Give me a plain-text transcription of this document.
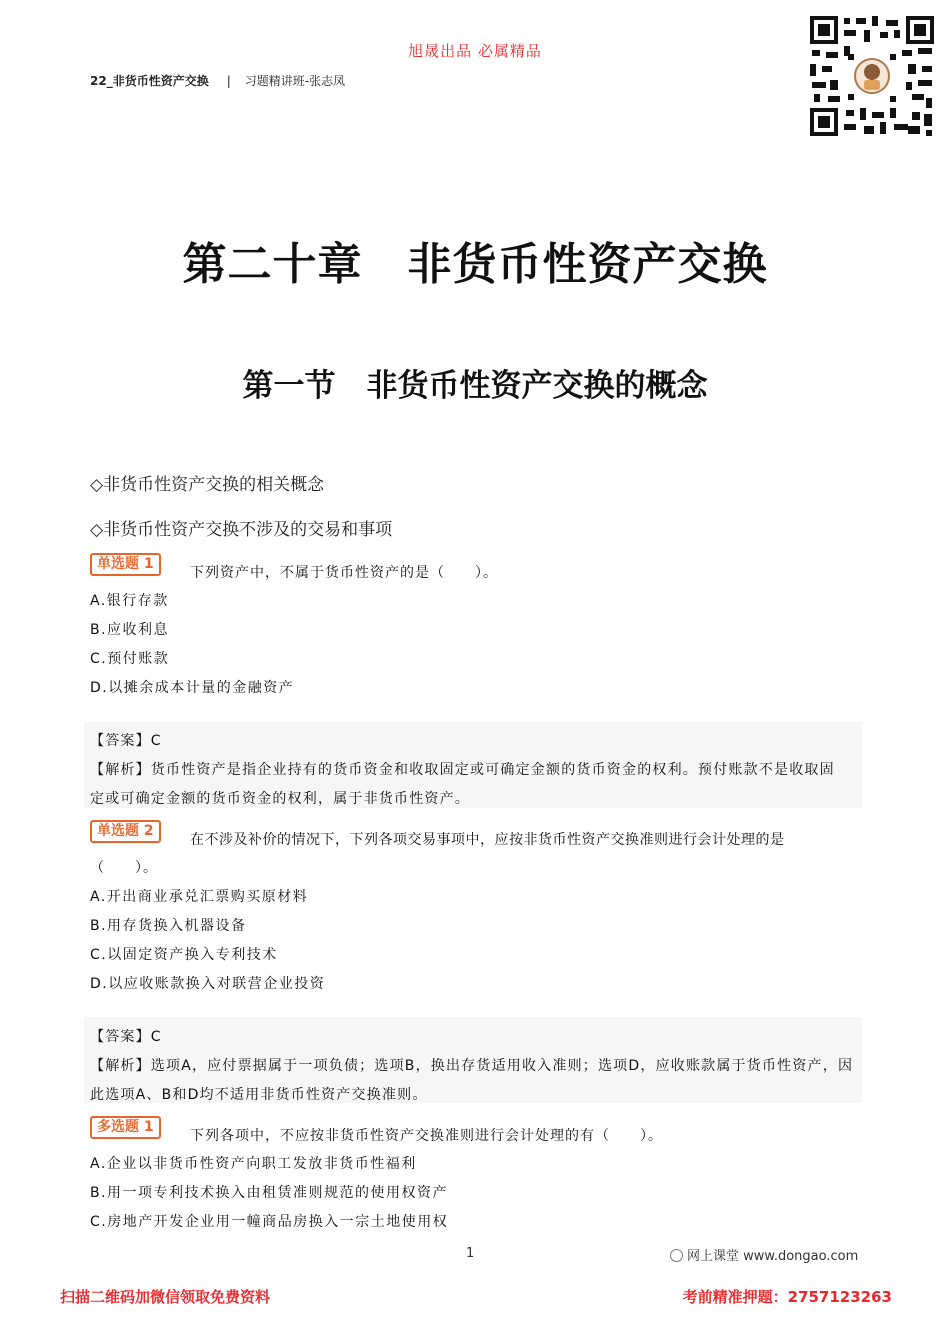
旭晟出品 必属精品
22_非货币性资产交换 | 习题精讲班-张志凤
第二十章　非货币性资产交换
第一节　非货币性资产交换的概念
◇非货币性资产交换的相关概念
◇非货币性资产交换不涉及的交易和事项
单选题 1
下列资产中，不属于货币性资产的是（　　）。
A.银行存款
B.应收利息
C.预付账款
D.以摊余成本计量的金融资产
【答案】C
【解析】货币性资产是指企业持有的货币资金和收取固定或可确定金额的货币资金的权利。预付账款不是收取固
定或可确定金额的货币资金的权利，属于非货币性资产。
单选题 2
在不涉及补价的情况下，下列各项交易事项中，应按非货币性资产交换准则进行会计处理的是
（　　）。
A.开出商业承兑汇票购买原材料
B.用存货换入机器设备
C.以固定资产换入专利技术
D.以应收账款换入对联营企业投资
【答案】C
【解析】选项A，应付票据属于一项负债；选项B，换出存货适用收入准则；选项D，应收账款属于货币性资产，因
此选项A、B和D均不适用非货币性资产交换准则。
多选题 1
下列各项中，不应按非货币性资产交换准则进行会计处理的有（　　）。
A.企业以非货币性资产向职工发放非货币性福利
B.用一项专利技术换入由租赁准则规范的使用权资产
C.房地产开发企业用一幢商品房换入一宗土地使用权
1	网上课堂 www.dongao.com
扫描二维码加微信领取免费资料	考前精准押题：2757123263
